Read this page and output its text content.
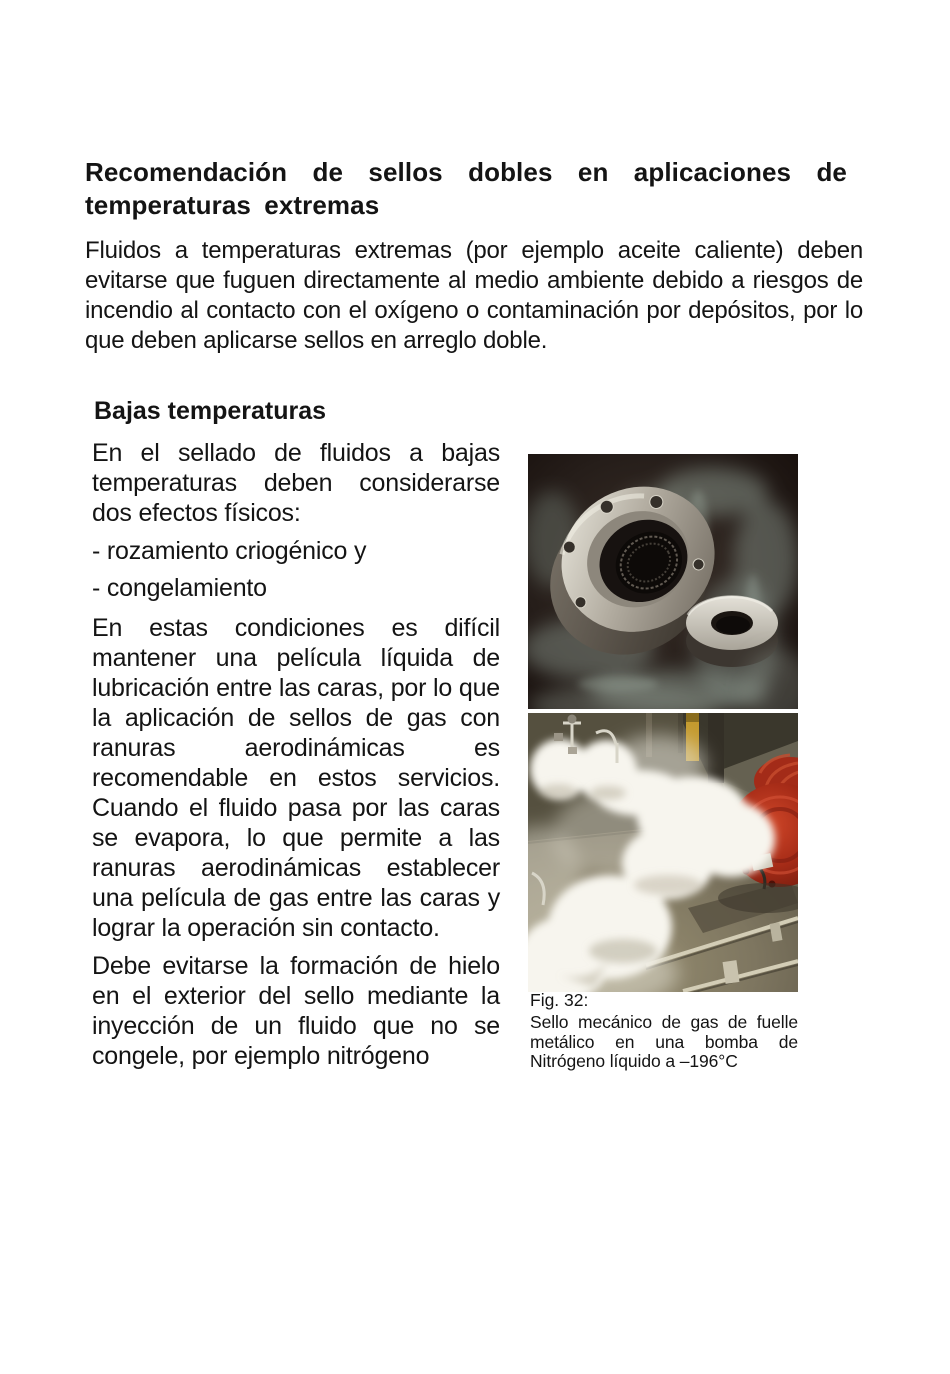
Recomendación de sellos dobles en aplicaciones de temperaturas extremas

Fluidos a temperaturas extremas (por ejemplo aceite caliente) deben evitarse que fuguen directamente al medio ambiente debido a riesgos de incendio al contacto con el oxígeno o contaminación por depósitos, por lo que deben aplicarse sellos en arreglo doble.

Bajas temperaturas

En el sellado de fluidos a bajas temperaturas deben considerarse dos efectos físicos:

- rozamiento criogénico y
- congelamiento

En estas condiciones es difícil mantener una película líquida de lubricación entre las caras, por lo que la aplicación de sellos de gas con ranuras aerodinámicas es recomendable en estos servicios. Cuando el fluido pasa por las caras se evapora, lo que permite a las ranuras aerodinámicas establecer una película de gas entre las caras y lograr la operación sin contacto.

Debe evitarse la formación de hielo en el exterior del sello mediante la inyección de un fluido que no se congele, por ejemplo nitrógeno

Fig. 32:
Sello mecánico de gas de fuelle metálico en una bomba de Nitrógeno líquido a –196°C
